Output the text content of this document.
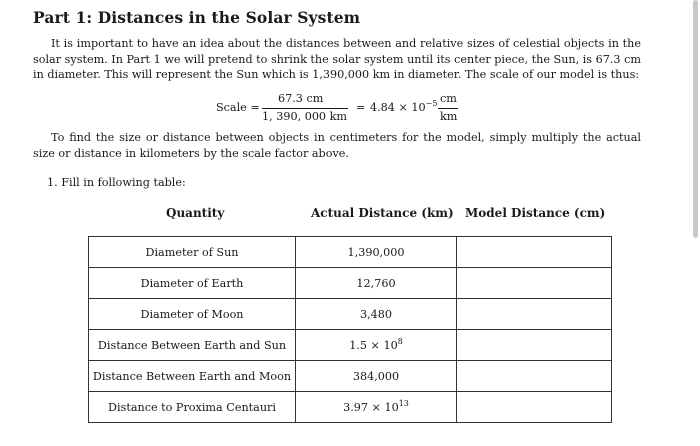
Part 1: Distances in the Solar System
It is important to have an idea about the distances between and relative sizes of celestial objects in the solar system. In Part 1 we will pretend to shrink the solar system until its center piece, the Sun, is 67.3 cm in diameter. This will represent the Sun which is 1,390,000 km in diameter. The scale of our model is thus:
Scale =
67.3 cm
1, 390, 000 km
= $4.84 \times 10^{-5}$ cm
km
To find the size or distance between objects in centimeters for the model, simply multiply the actual size or distance in kilometers by the scale factor above.
1. Fill in following table:
Quantity	Actual Distance (km) Model Distance (cm)
Diameter of Sun	1,390,000	
Diameter of Earth	12,760	
Diameter of Moon	3,480	
Distance Between Earth and Sun	$1.5 \times 10^8$	
Distance Between Earth and Moon	384,000	
Distance to Proxima Centauri	$3.97 \times 10^{13}$	
